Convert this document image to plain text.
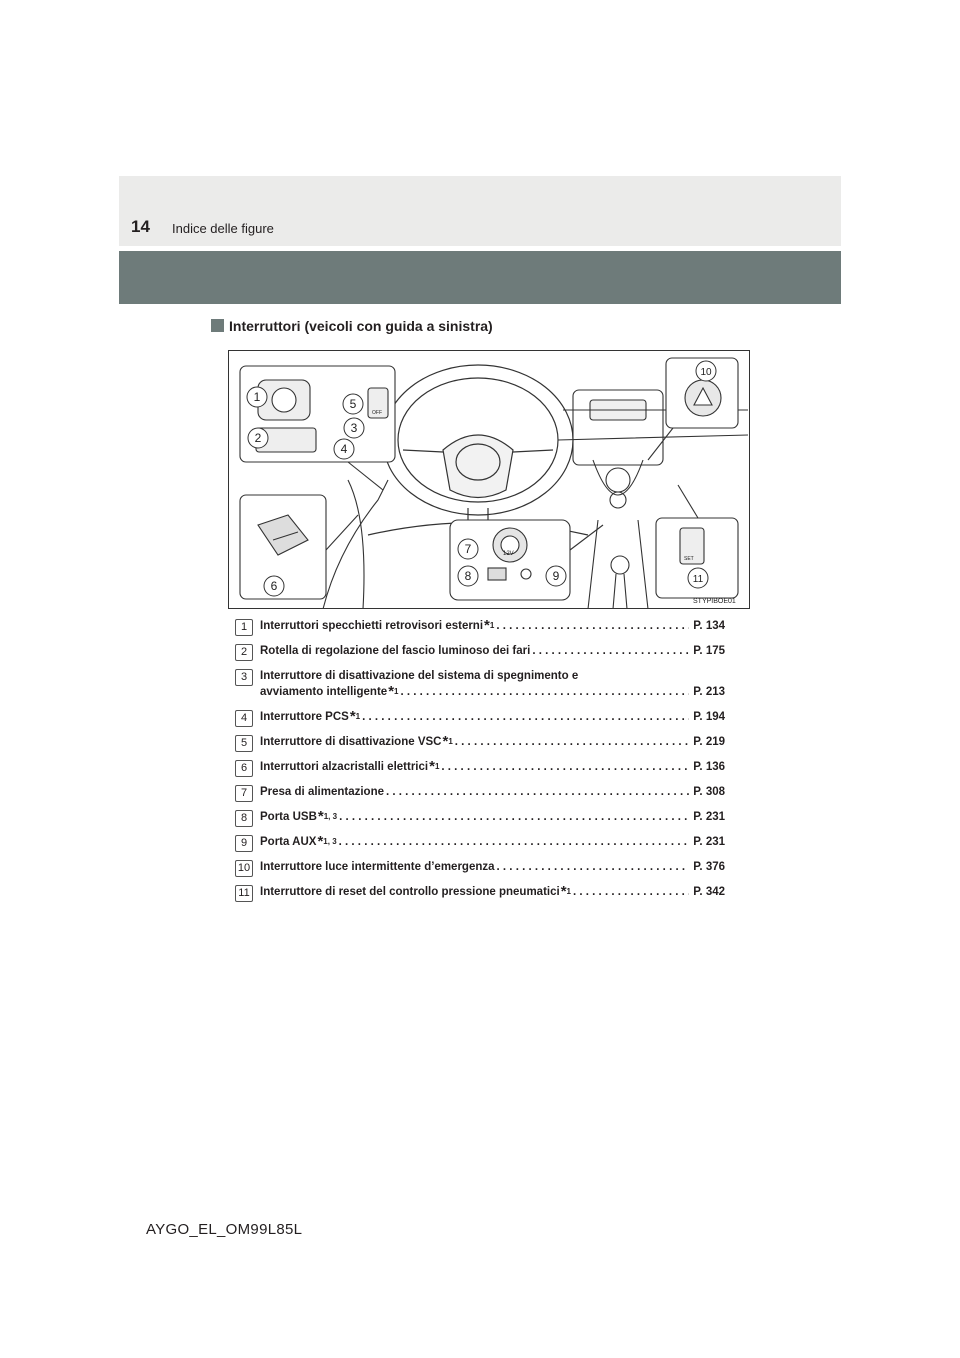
14 Indice delle figure
Interruttori (veicoli con guida a sinistra)
OFF
12V
SET
1
2
3
4
5
6
7
8	9
10
11
STYPIBOE01
1	Interruttori specchietti retrovisori esterni * 1 . . .	P. 134
2	Rotella di regolazione del fascio luminoso dei fari . . .	P. 175
3	Interruttore di disattivazione del sistema di spegnimento e
avviamento intelligente * 1 . . .	P. 213
4	Interruttore PCS * 1 . . .	P. 194
5	Interruttore di disattivazione VSC * 1 . . .	P. 219
6	Interruttori alzacristalli elettrici * 1 . . .	P. 136
7	Presa di alimentazione . . .	P. 308
8	Porta USB * 1, 3 . . .	P. 231
9	Porta AUX * 1, 3 . . .	P. 231
10 Interruttore luce intermittente d’emergenza . . .	P. 376
11 Interruttore di reset del controllo pressione pneumatici * 1 . . .	P. 342
AYGO_EL_OM99L85L
